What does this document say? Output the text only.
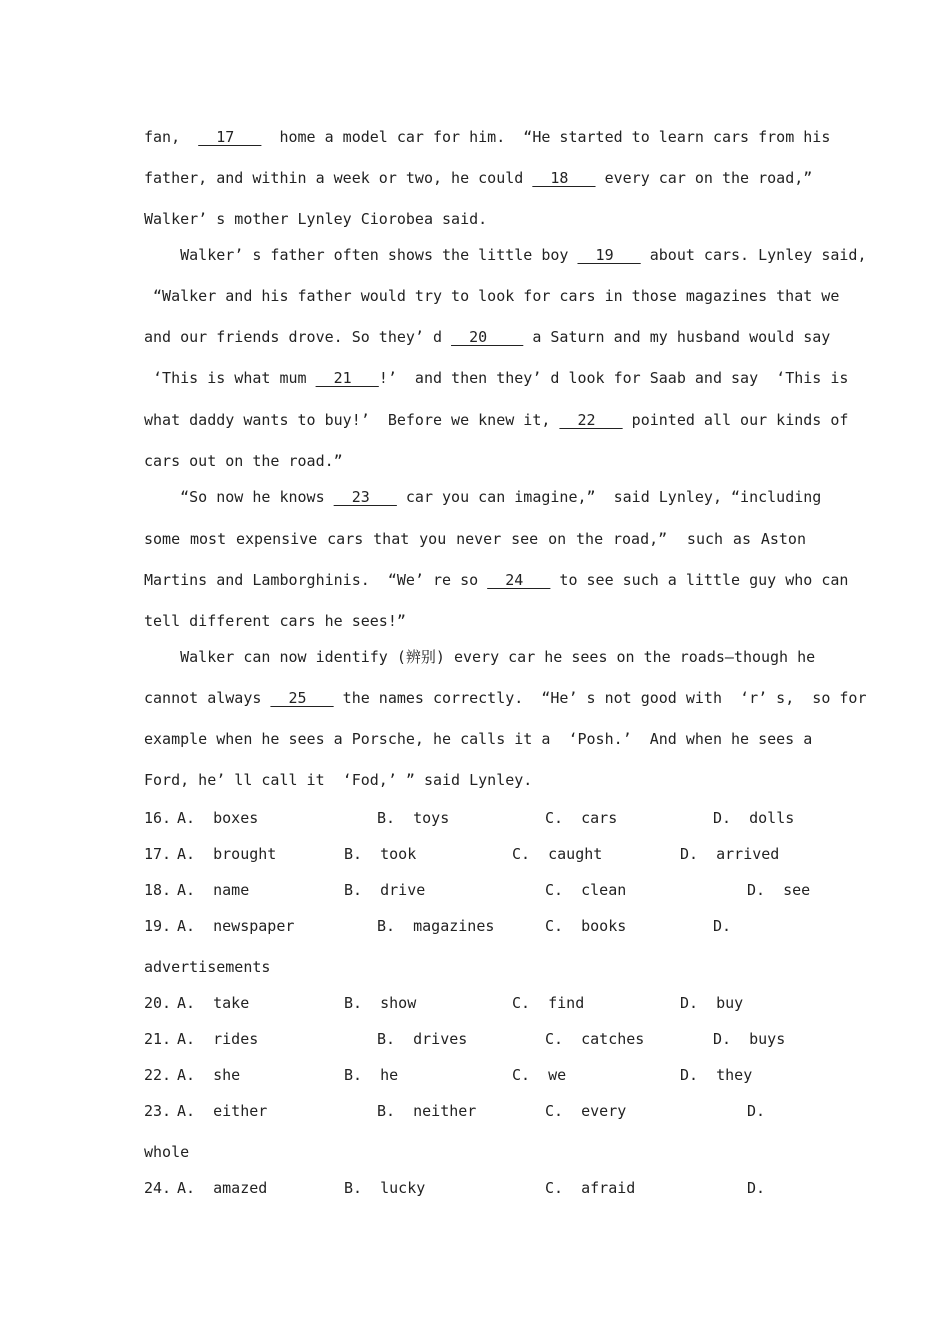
fan,    17     home a model car for him.  “He started to learn cars from his
father, and within a week or two, he could   18    every car on the road,”
Walker’ s mother Lynley Ciorobea said.
Walker’ s father often shows the little boy   19    about cars. Lynley said,
“Walker and his father would try to look for cars in those magazines that we
and our friends drove. So they’ d   20     a Saturn and my husband would say
‘This is what mum   21   !’  and then they’ d look for Saab and say  ‘This is
what daddy wants to buy!’  Before we knew it,   22    pointed all our kinds of
cars out on the road.”
“So now he knows   23    car you can imagine,”  said Lynley, “including
some most expensive cars that you never see on the road,”  such as Aston
Martins and Lamborghinis.  “We’ re so   24    to see such a little guy who can
tell different cars he sees!”
Walker can now identify (辨别) every car he sees on the roads—though he
cannot always   25    the names correctly.  “He’ s not good with  ‘r’ s,  so for
example when he sees a Porsche, he calls it a  ‘Posh.’  And when he sees a
Ford, he’ ll call it  ‘Fod,’ ” said Lynley.
16. A.  boxes	B.  toys	C.  cars	D.  dolls
17. A.  brought	B.  took	C.  caught	D.  arrived
18. A.  name	B.  drive	C.  clean	D.  see
19. A.  newspaper	B.  magazines	C.  books	D.
advertisements
20. A.  take	B.  show	C.  find	D.  buy
21. A.  rides	B.  drives	C.  catches	D.  buys
22. A.  she	B.  he	C.  we	D.  they
23. A.  either	B.  neither	C.  every	D.
whole
24. A.  amazed	B.  lucky	C.  afraid	D.
